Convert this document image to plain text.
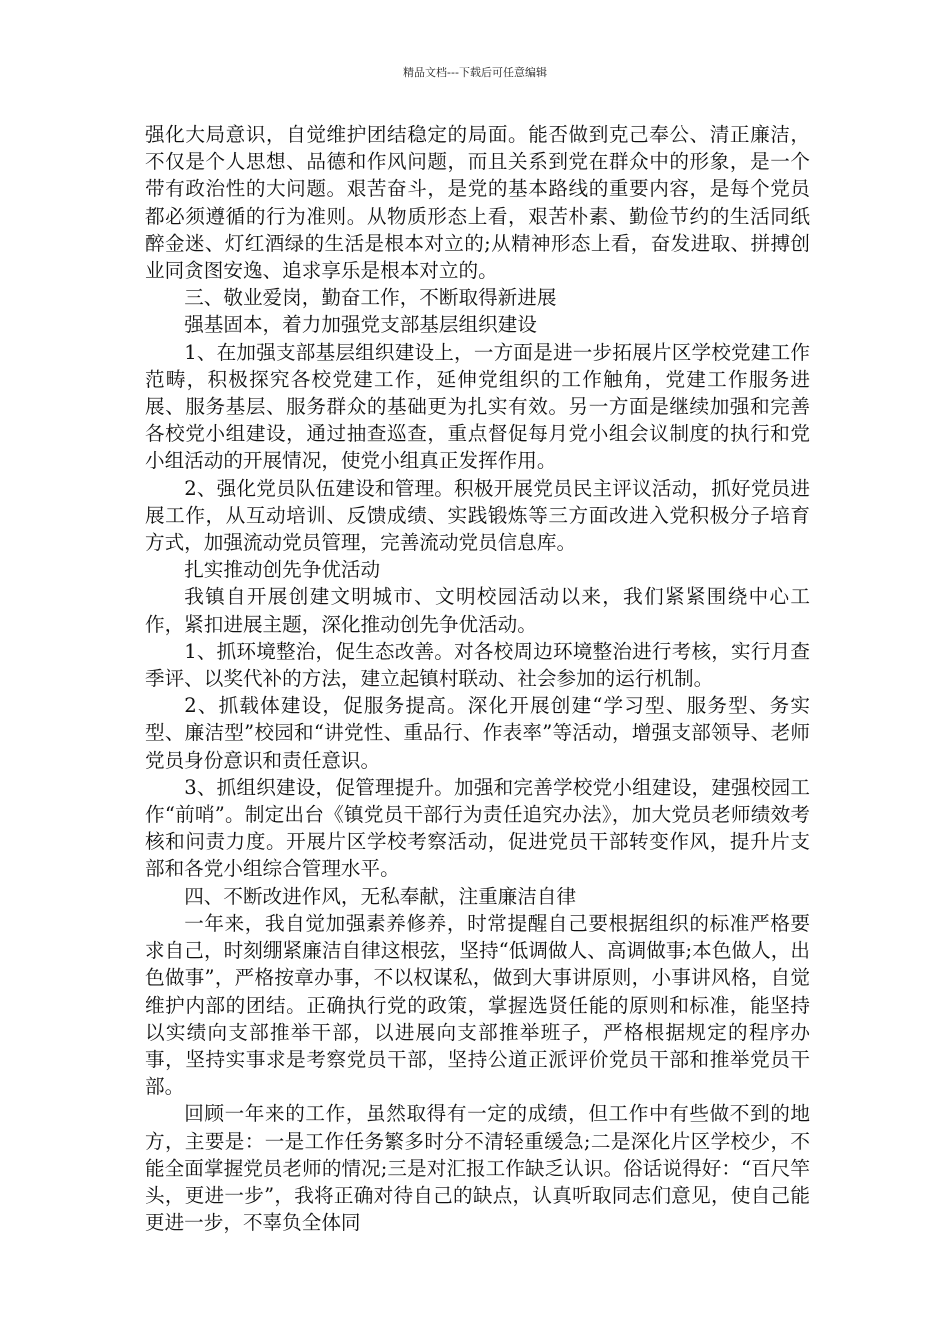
精品文档---下载后可任意编辑

强化大局意识，自觉维护团结稳定的局面。能否做到克己奉公、清正廉洁，不仅是个人思想、品德和作风问题，而且关系到党在群众中的形象，是一个带有政治性的大问题。艰苦奋斗，是党的基本路线的重要内容，是每个党员都必须遵循的行为准则。从物质形态上看，艰苦朴素、勤俭节约的生活同纸醉金迷、灯红酒绿的生活是根本对立的;从精神形态上看，奋发进取、拼搏创业同贪图安逸、追求享乐是根本对立的。

三、敬业爱岗，勤奋工作，不断取得新进展

强基固本，着力加强党支部基层组织建设

1、在加强支部基层组织建设上，一方面是进一步拓展片区学校党建工作范畴，积极探究各校党建工作，延伸党组织的工作触角，党建工作服务进展、服务基层、服务群众的基础更为扎实有效。另一方面是继续加强和完善各校党小组建设，通过抽查巡查，重点督促每月党小组会议制度的执行和党小组活动的开展情况，使党小组真正发挥作用。

2、强化党员队伍建设和管理。积极开展党员民主评议活动，抓好党员进展工作，从互动培训、反馈成绩、实践锻炼等三方面改进入党积极分子培育方式，加强流动党员管理，完善流动党员信息库。

扎实推动创先争优活动

我镇自开展创建文明城市、文明校园活动以来，我们紧紧围绕中心工作，紧扣进展主题，深化推动创先争优活动。

1、抓环境整治，促生态改善。对各校周边环境整治进行考核，实行月查季评、以奖代补的方法，建立起镇村联动、社会参加的运行机制。

2、抓载体建设，促服务提高。深化开展创建“学习型、服务型、务实型、廉洁型”校园和“讲党性、重品行、作表率”等活动，增强支部领导、老师党员身份意识和责任意识。

3、抓组织建设，促管理提升。加强和完善学校党小组建设，建强校园工作“前哨”。制定出台《镇党员干部行为责任追究办法》，加大党员老师绩效考核和问责力度。开展片区学校考察活动，促进党员干部转变作风，提升片支部和各党小组综合管理水平。

四、不断改进作风，无私奉献，注重廉洁自律

一年来，我自觉加强素养修养，时常提醒自己要根据组织的标准严格要求自己，时刻绷紧廉洁自律这根弦，坚持“低调做人、高调做事;本色做人，出色做事”，严格按章办事，不以权谋私，做到大事讲原则，小事讲风格，自觉维护内部的团结。正确执行党的政策，掌握选贤任能的原则和标准，能坚持以实绩向支部推举干部，以进展向支部推举班子，严格根据规定的程序办事，坚持实事求是考察党员干部，坚持公道正派评价党员干部和推举党员干部。

回顾一年来的工作，虽然取得有一定的成绩，但工作中有些做不到的地方，主要是：一是工作任务繁多时分不清轻重缓急;二是深化片区学校少，不能全面掌握党员老师的情况;三是对汇报工作缺乏认识。俗话说得好：“百尺竿头，更进一步”，我将正确对待自己的缺点，认真听取同志们意见，使自己能更进一步，不辜负全体同
